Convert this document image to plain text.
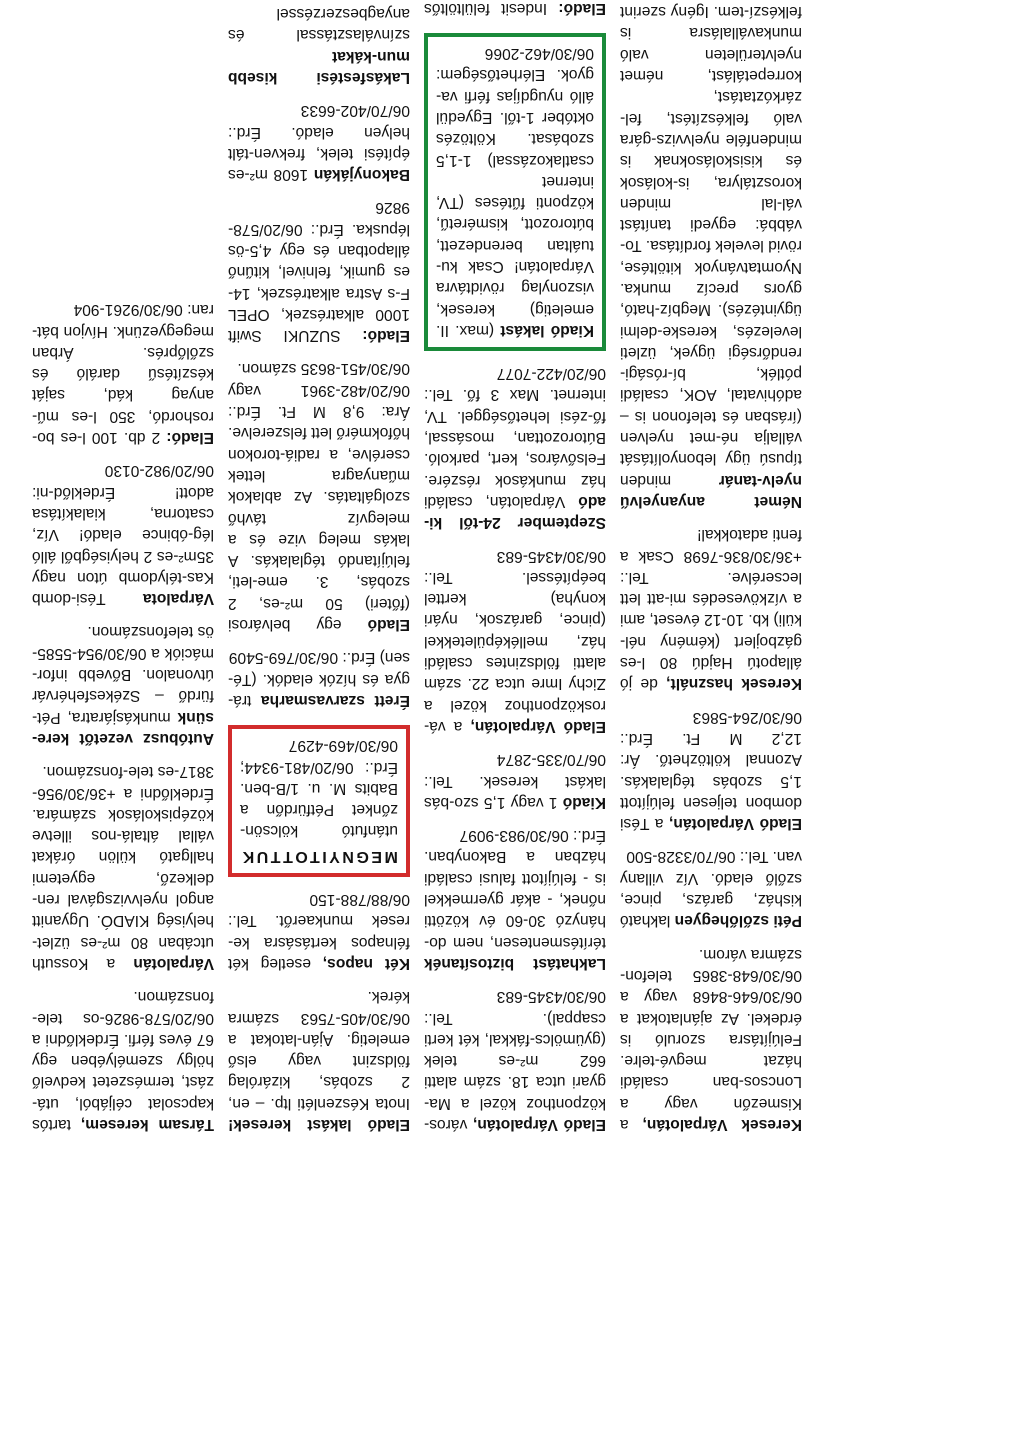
Keresek Várpalotán, a Kismezőn vagy a Loncsos-ban családi házat megvé-telre. Felújításra szoruló is érdekel. Az ajánlatokat a 06/30/646-8468 vagy a 06/30/648-3865 telefon-számra várom.

Péti szőlőhegyen lakható kisház, garázs, pince, szőlő eladó. Víz villany van. Tel.: 06/70/3328-500

Eladó Várpalotán, a Tési dombon teljesen felújított 1,5 szobás téglalakás. Azonnal költözhető. Ár: 12,2 M Ft. Érd.: 06/30/264-5863

Keresek használt, de jó állapotú Hajdú 80 l-es gázbojlert (kémény nél-küli) kb. 10-12 éveset, ami a vízkövesedés mi-att lett lecserélve. Tel.: +36/30/836-7698 Csak a fenti adatokkal!

Német anyanyelvű nyelv-tanár minden típusú ügy lebonyolítását vállalja né-met nyelven (írásban és telefonon is – adóhivatal, AOK, családi pótlék, bí-rósági-rendőrségi ügyek, üzleti levelezés, kereske-delmi ügyintézés). Megbíz-ható, gyors precíz munka. Nyomtatványok kitöltése, rövid levelek fordítása. To-vábbá: egyedi tanítást vál-lal minden korosztályra, is-kolások és kisiskolásoknak is mindenféle nyelvvizs-gára való felkészítést, fel-zárkóztatást, korrepetálást, német nyelvterületen való munkavállalásra is felkészí-tem. Igény szerint

Eladó Várpalotán, város-központhoz közel a Ma-gyari utca 18. szám alatti 662 m²-es telek (gyümölcs-fákkal, két kerti csappal). Tel.: 06/30/4345-683

Lakhatást biztosítanék térítésmentesen, nem do-hányzó 30-60 év közötti nőnek, - akár gyermekkel is - felújított falusi családi házban a Bakonyban. Érd.: 06/30/983-9097

Kiadó 1 vagy 1,5 szo-bás lakást keresek. Tel.: 06/70/335-2874

Eladó Várpalotán, a vá-rosközponthoz közel a Zichy Imre utca 22. szám alatti földszintes családi ház, melléképületekkel (pince, garázsok, nyári konyha) kerttel beépítéssel. Tel.: 06/30/4345-683

Szeptember 24-től ki-adó Várpalotán, családi ház munkások részére. Felsőváros, kert, parkoló. Bútorozottan, mosással, fő-zési lehetőséggel. TV, internet. Max 3 fő. Tel.: 06/20/422-7077

Kiadó lakást (max. II. emeletig) keresek, viszonylag rövidtávra Várpalotán! Csak ku-tuáltan berendezett, bútorozott, kisméretű, központi fűtéses (TV, internet csatlakozással) 1-1,5 szobásat. Költözés október 1-től. Egyedül álló nyugdíjas férfi va-gyok. Elérhetőségem: 06/30/462-2066

Eladó: Indesit felültöltős

Eladó lakást keresek! Inota Készenléti ltp. – en, 2 szobás, kizárólag földszint vagy első emeletig. Aján-latokat a 06/30/405-7563 számra kérek.

Két napos, esetleg két félnapos kertásásra ke-resek munkaerőt. Tel.: 06/88/788-150

MEGNYITOTTUK
utánfutó kölcsön-zőnket Pétfürdőn a Babits M. u. 1/B-ben. Érd.: 06/20/481-9344; 06/30/469-4297

Érett szarvasmarha trá-gya és hízók eladók. (Té-sen) Érd.: 06/30/769-5409

Eladó egy belvárosi (főteri) 50 m²-es, 2 szobás, 3. eme-leti, felújítandó téglalakás. A lakás meleg vize és a melegvíz távhő szolgáltatás. Az ablakok műanyagra lettek cserélve, a radiá-torokon hőfokmérő lett felszerelve. Ára: 9,8 M Ft. Érd.: 06/20/482-3961 vagy 06/30/451-8635 számon.

Eladó: SUZUKI Swift 1000 alkatrészek, OPEL F-s Astra alkatrészek, 14-es gumik, felnivel, kitűnő állapotban és egy 4,5-ös lépuska. Érd.: 06/20/578-9826

Bakonyjákán 1608 m²-es építési telek, frekven-tált helyen eladó. Érd.: 06/70/402-6633

Lakásfestési kisebb mun-kákat színválasztással és anyagbeszerzéssel

Társam keresem, tartós kapcsolat céljából, utá-zást, természetet kedvelő hölgy személyében egy 67 éves férfi. Érdeklődni a 06/20/578-9826-os tele-fonszámon.

Várpalotán a Kossuth utcában 80 m²-es üzlet-helyiség KIADÓ. Ugyanitt angol nyelvvizsgával ren-delkező, egyetemi hallgató külön órákat vállal általá-nos illetve középiskolások számára. Érdeklődni a +36/30/956-3817-es tele-fonszámon.

Autóbusz vezetőt kere-sünk munkásjáratra, Pét-fürdő – Székesfehérvár útvonalon. Bővebb infor-mációk a 06/30/954-5585-ös telefonszámon.

Várpalota Tési-domb Kas-télydomb úton nagy 35m²-es 2 helyiségből álló lég-óbince eladó! Víz, csatorna, kialakítása adott! Érdeklőd-ni: 06/20/982-0130

Eladó: 2 db. 100 l-es bo-roshordó, 350 l-es mű-anyag kád, saját készítésű daráló és szőlőprés. Árban megegyezünk. Hívjon bát-ran: 06/30/9261-904
